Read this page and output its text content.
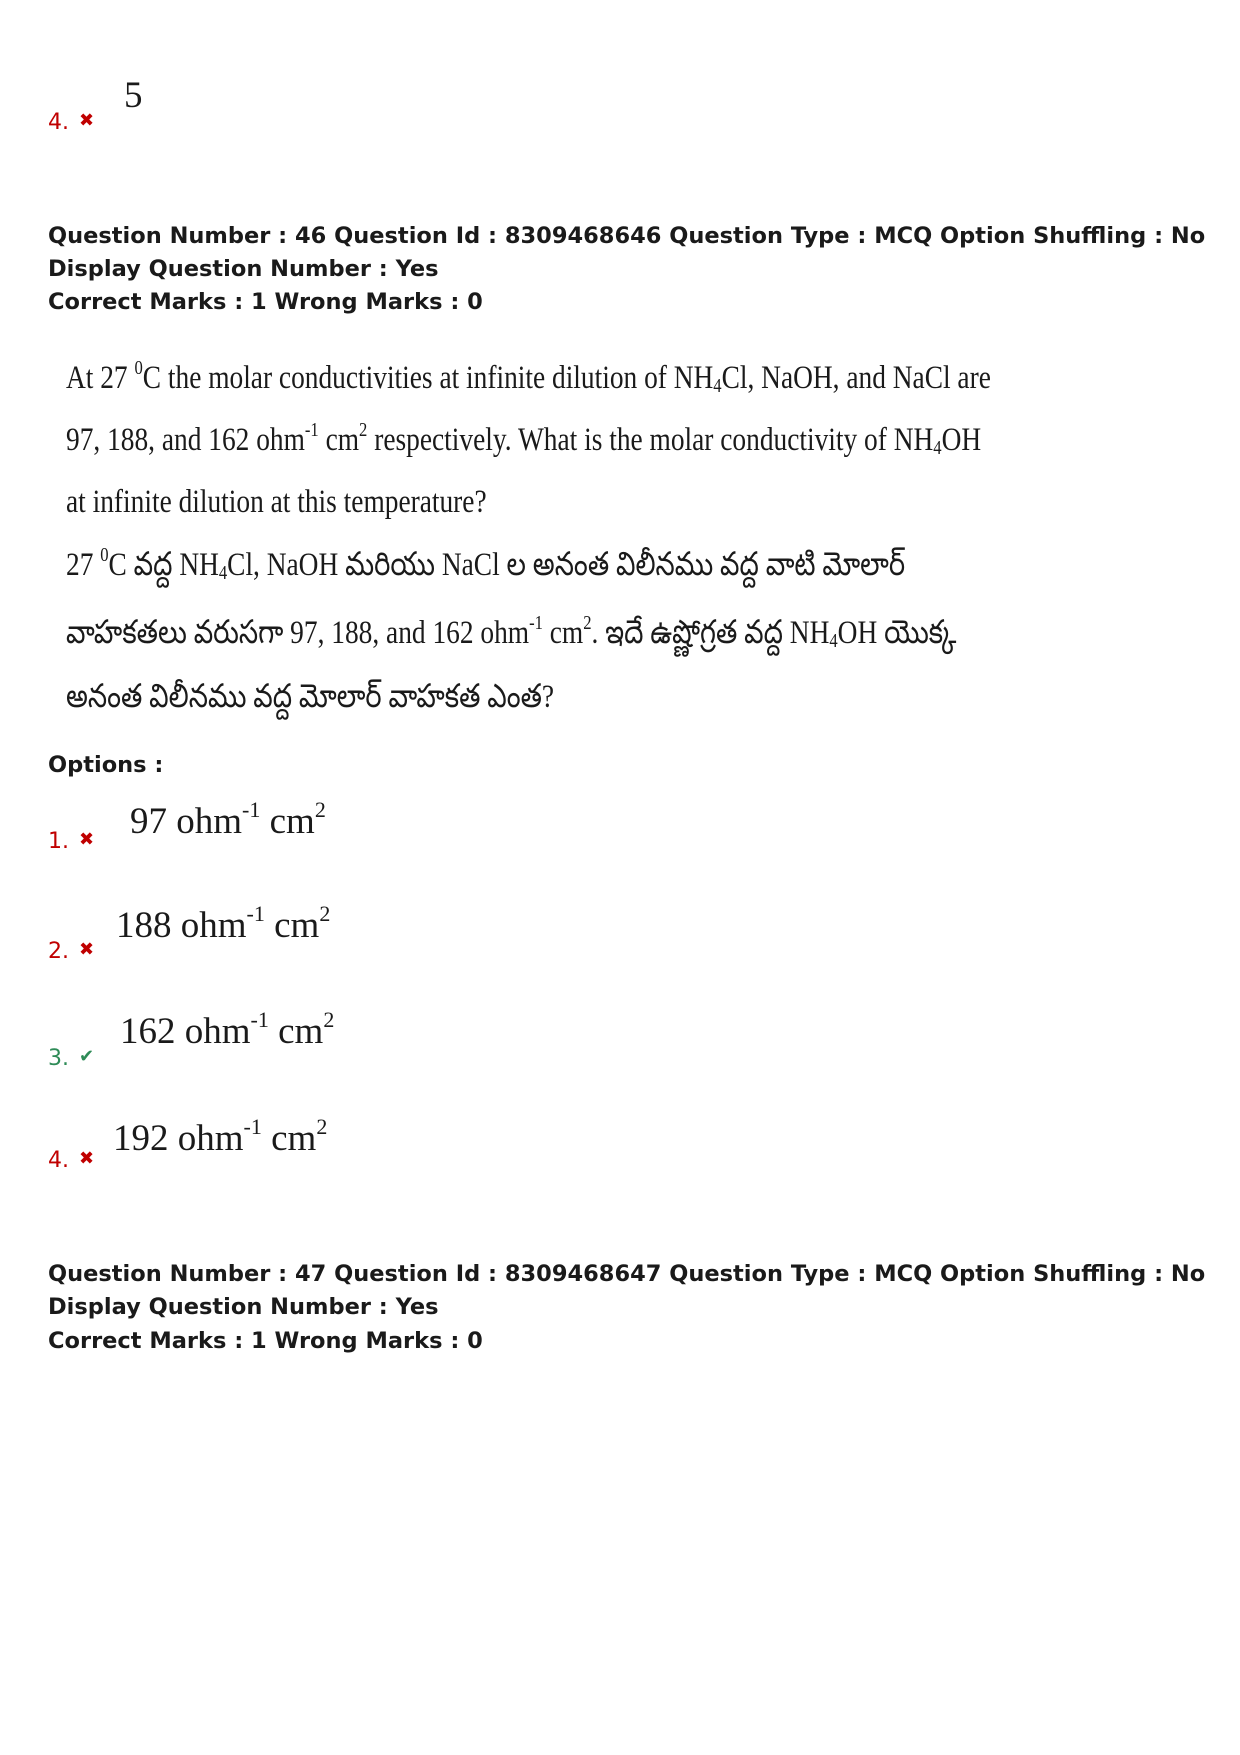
4. ✖
5
Question Number : 46 Question Id : 8309468646 Question Type : MCQ Option Shuffling : No
Display Question Number : Yes
Correct Marks : 1 Wrong Marks : 0
At 27 $^0$C the molar conductivities at infinite dilution of $NH_4Cl$, NaOH, and NaCl are
97, 188, and 162 ohm$^{-1}$ $cm^2$ respectively. What is the molar conductivity of $NH_4OH$
at infinite dilution at this temperature?
27 $^0$C వద్ద $NH_4Cl$, NaOH మరియు NaCl ల అనంత విలీనము వద్ద వాటి మోలార్
వాహకతలు వరుసగా 97, 188, and 162 ohm$^{-1}$ $cm^2$. ఇదే ఉష్ణోగ్రత వద్ద $NH_4OH$ యొక్క
అనంత విలీనము వద్ద మోలార్ వాహకత ఎంత?
Options :
1. ✖ 97 ohm$^{-1}$ $cm^2$
2. ✖
188 ohm$^{-1}$ $cm^2$
3. ✔
162 ohm$^{-1}$ $cm^2$
4. ✖ 192 ohm$^{-1}$ $cm^2$
Question Number : 47 Question Id : 8309468647 Question Type : MCQ Option Shuffling : No
Display Question Number : Yes
Correct Marks : 1 Wrong Marks : 0
